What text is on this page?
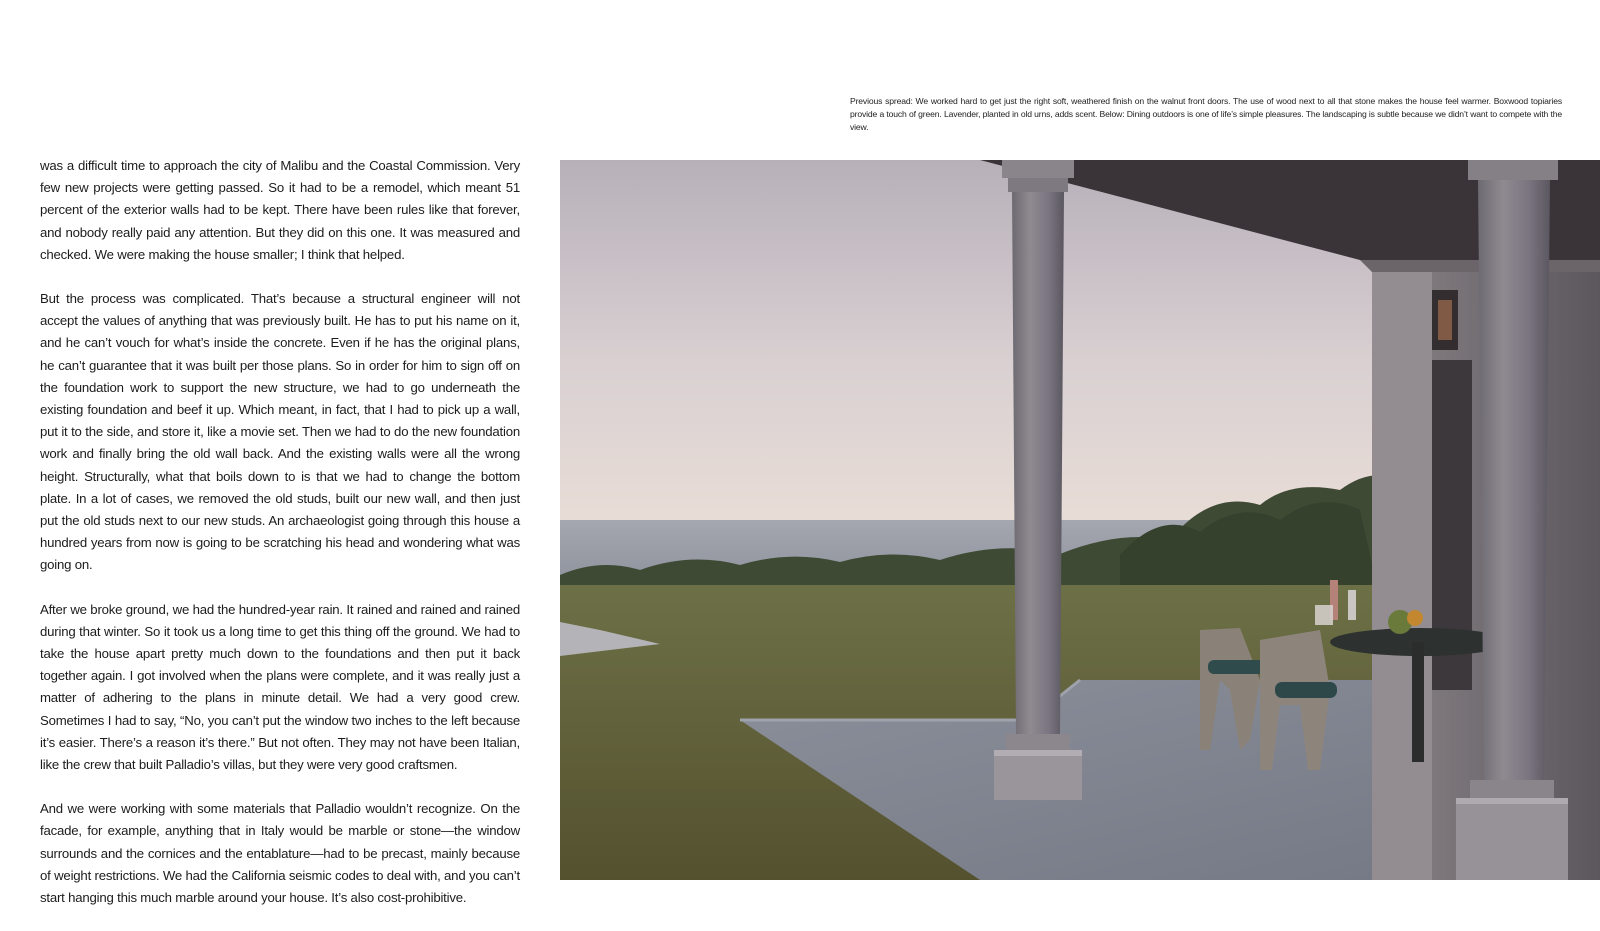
Previous spread: We worked hard to get just the right soft, weathered finish on the walnut front doors. The use of wood next to all that stone makes the house feel warmer. Boxwood topiaries provide a touch of green. Lavender, planted in old urns, adds scent. Below: Dining outdoors is one of life’s simple pleasures. The landscaping is subtle because we didn’t want to compete with the view.

was a difficult time to approach the city of Malibu and the Coastal Commission. Very few new projects were getting passed. So it had to be a remodel, which meant 51 percent of the exterior walls had to be kept. There have been rules like that forever, and nobody really paid any attention. But they did on this one. It was measured and checked. We were making the house smaller; I think that helped.

But the process was complicated. That’s because a structural engineer will not accept the values of anything that was previously built. He has to put his name on it, and he can’t vouch for what’s inside the concrete. Even if he has the original plans, he can’t guarantee that it was built per those plans. So in order for him to sign off on the foundation work to support the new structure, we had to go underneath the existing foundation and beef it up. Which meant, in fact, that I had to pick up a wall, put it to the side, and store it, like a movie set. Then we had to do the new foundation work and finally bring the old wall back. And the existing walls were all the wrong height. Structurally, what that boils down to is that we had to change the bottom plate. In a lot of cases, we removed the old studs, built our new wall, and then just put the old studs next to our new studs. An archaeologist going through this house a hundred years from now is going to be scratching his head and wondering what was going on.

After we broke ground, we had the hundred-year rain. It rained and rained and rained during that winter. So it took us a long time to get this thing off the ground. We had to take the house apart pretty much down to the foundations and then put it back together again. I got involved when the plans were complete, and it was really just a matter of adhering to the plans in minute detail. We had a very good crew. Sometimes I had to say, “No, you can’t put the window two inches to the left because it’s easier. There’s a reason it’s there.” But not often. They may not have been Italian, like the crew that built Palladio’s villas, but they were very good craftsmen.

And we were working with some materials that Palladio wouldn’t recognize. On the facade, for example, anything that in Italy would be marble or stone—the window surrounds and the cornices and the entablature—had to be precast, mainly because of weight restrictions. We had the California seismic codes to deal with, and you can’t start hanging this much marble around your house. It’s also cost-prohibitive.
